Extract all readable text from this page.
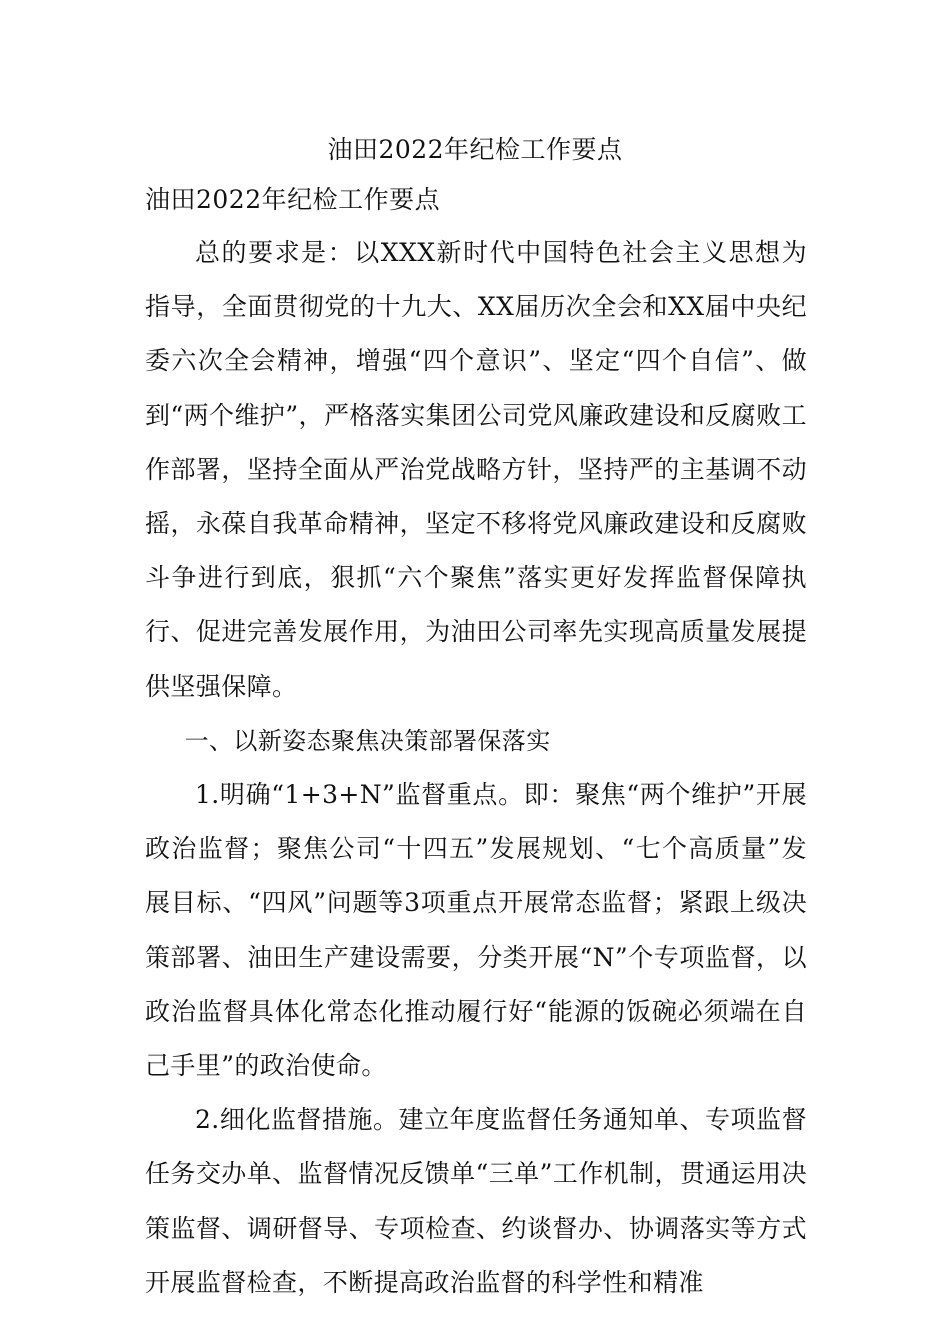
油田2022年纪检工作要点
油田2022年纪检工作要点

总的要求是：以XXX新时代中国特色社会主义思想为指导，全面贯彻党的十九大、XX届历次全会和XX届中央纪委六次全会精神，增强“四个意识”、坚定“四个自信”、做到“两个维护”，严格落实集团公司党风廉政建设和反腐败工作部署，坚持全面从严治党战略方针，坚持严的主基调不动摇，永葆自我革命精神，坚定不移将党风廉政建设和反腐败斗争进行到底，狠抓“六个聚焦”落实更好发挥监督保障执行、促进完善发展作用，为油田公司率先实现高质量发展提供坚强保障。

一、以新姿态聚焦决策部署保落实

1.明确“1+3+N”监督重点。即：聚焦“两个维护”开展政治监督；聚焦公司“十四五”发展规划、“七个高质量”发展目标、“四风”问题等3项重点开展常态监督；紧跟上级决策部署、油田生产建设需要，分类开展“N”个专项监督，以政治监督具体化常态化推动履行好“能源的饭碗必须端在自己手里”的政治使命。

2.细化监督措施。建立年度监督任务通知单、专项监督任务交办单、监督情况反馈单“三单”工作机制，贯通运用决策监督、调研督导、专项检查、约谈督办、协调落实等方式开展监督检查，不断提高政治监督的科学性和精准
